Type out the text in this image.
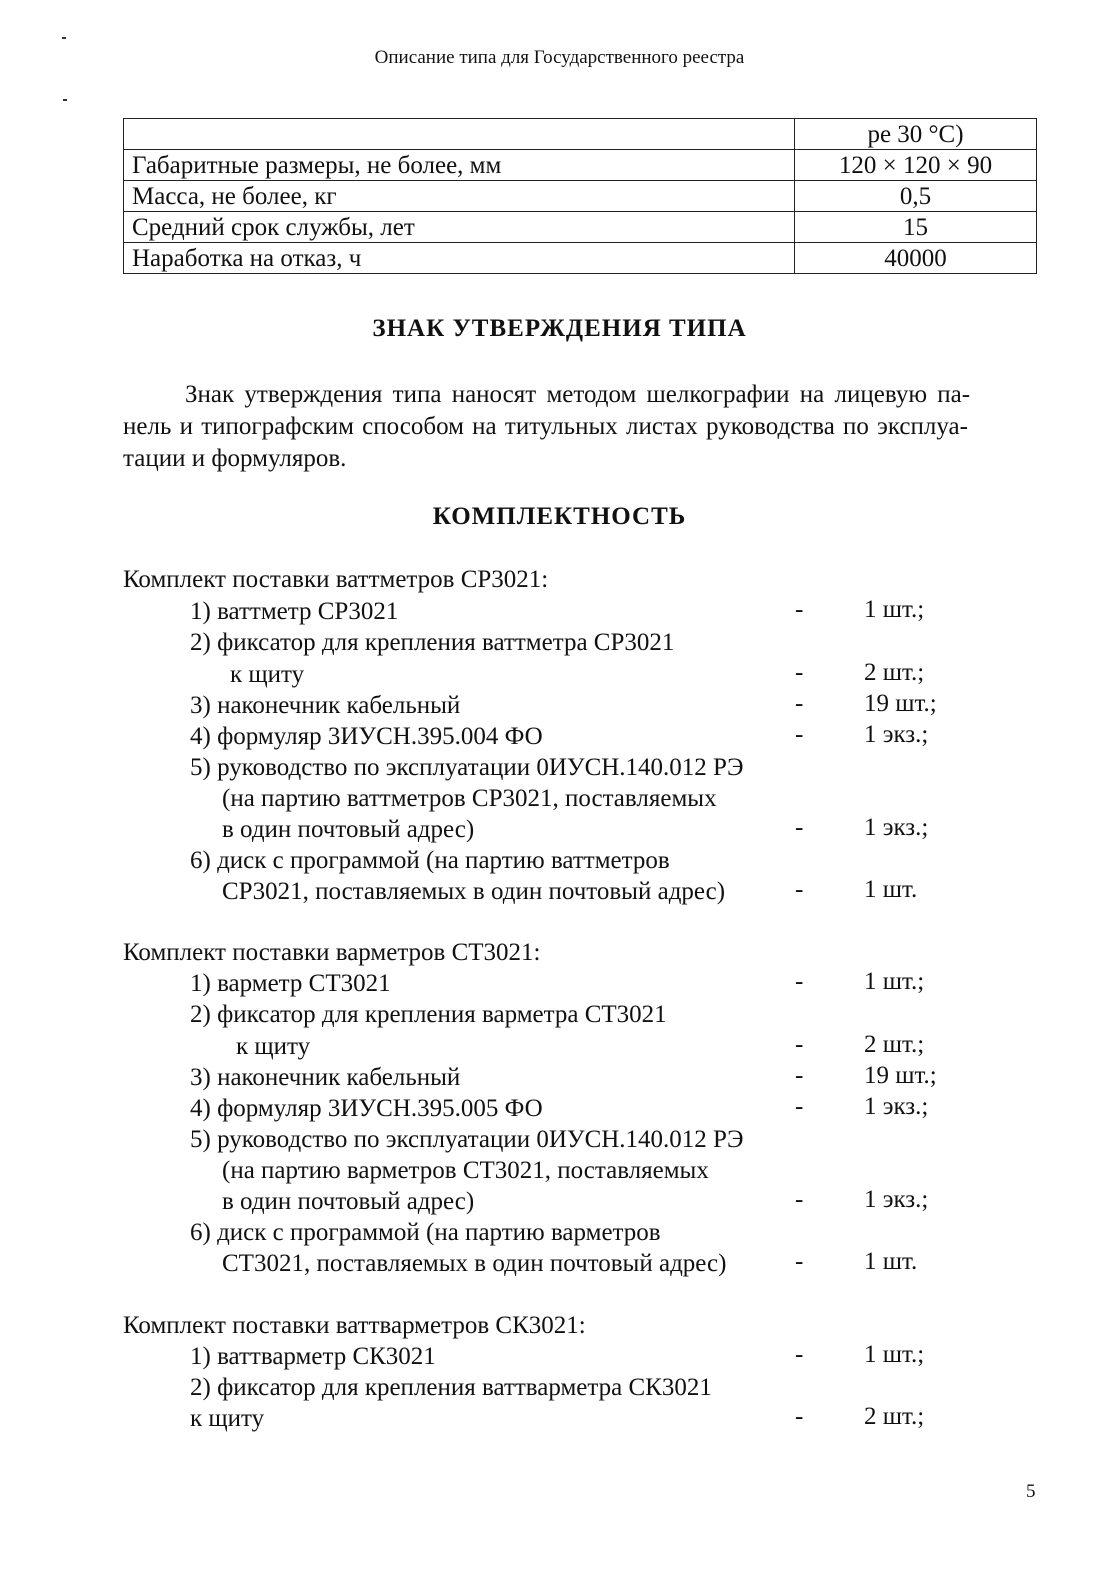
Описание типа для Государственного реестра
	ре 30 °С)
Габаритные размеры, не более, мм	120 × 120 × 90
Масса, не более, кг	0,5
Средний срок службы, лет	15
Наработка на отказ, ч	40000
ЗНАК УТВЕРЖДЕНИЯ ТИПА
Знак утверждения типа наносят методом шелкографии на лицевую па-
нель и типографским способом на титульных листах руководства по эксплуа-
тации и формуляров.
КОМПЛЕКТНОСТЬ
Комплект поставки ваттметров СР3021:
1) ваттметр СР3021	- 1 шт.;
2) фиксатор для крепления ваттметра СР3021
к щиту	- 2 шт.;
3) наконечник кабельный	- 19 шт.;
4) формуляр 3ИУСН.395.004 ФО	- 1 экз.;
5) руководство по эксплуатации 0ИУСН.140.012 РЭ
(на партию ваттметров СР3021, поставляемых
в один почтовый адрес)	- 1 экз.;
6) диск с программой (на партию ваттметров
СР3021, поставляемых в один почтовый адрес)	- 1 шт.
Комплект поставки варметров СТ3021:
1) варметр СТ3021	- 1 шт.;
2) фиксатор для крепления варметра СТ3021
к щиту	- 2 шт.;
3) наконечник кабельный	- 19 шт.;
4) формуляр 3ИУСН.395.005 ФО	- 1 экз.;
5) руководство по эксплуатации 0ИУСН.140.012 РЭ
(на партию варметров СТ3021, поставляемых
в один почтовый адрес)	- 1 экз.;
6) диск с программой (на партию варметров
СТ3021, поставляемых в один почтовый адрес)	- 1 шт.
Комплект поставки ваттварметров СК3021:
1) ваттварметр СК3021	- 1 шт.;
2) фиксатор для крепления ваттварметра СК3021
к щиту	- 2 шт.;
5
